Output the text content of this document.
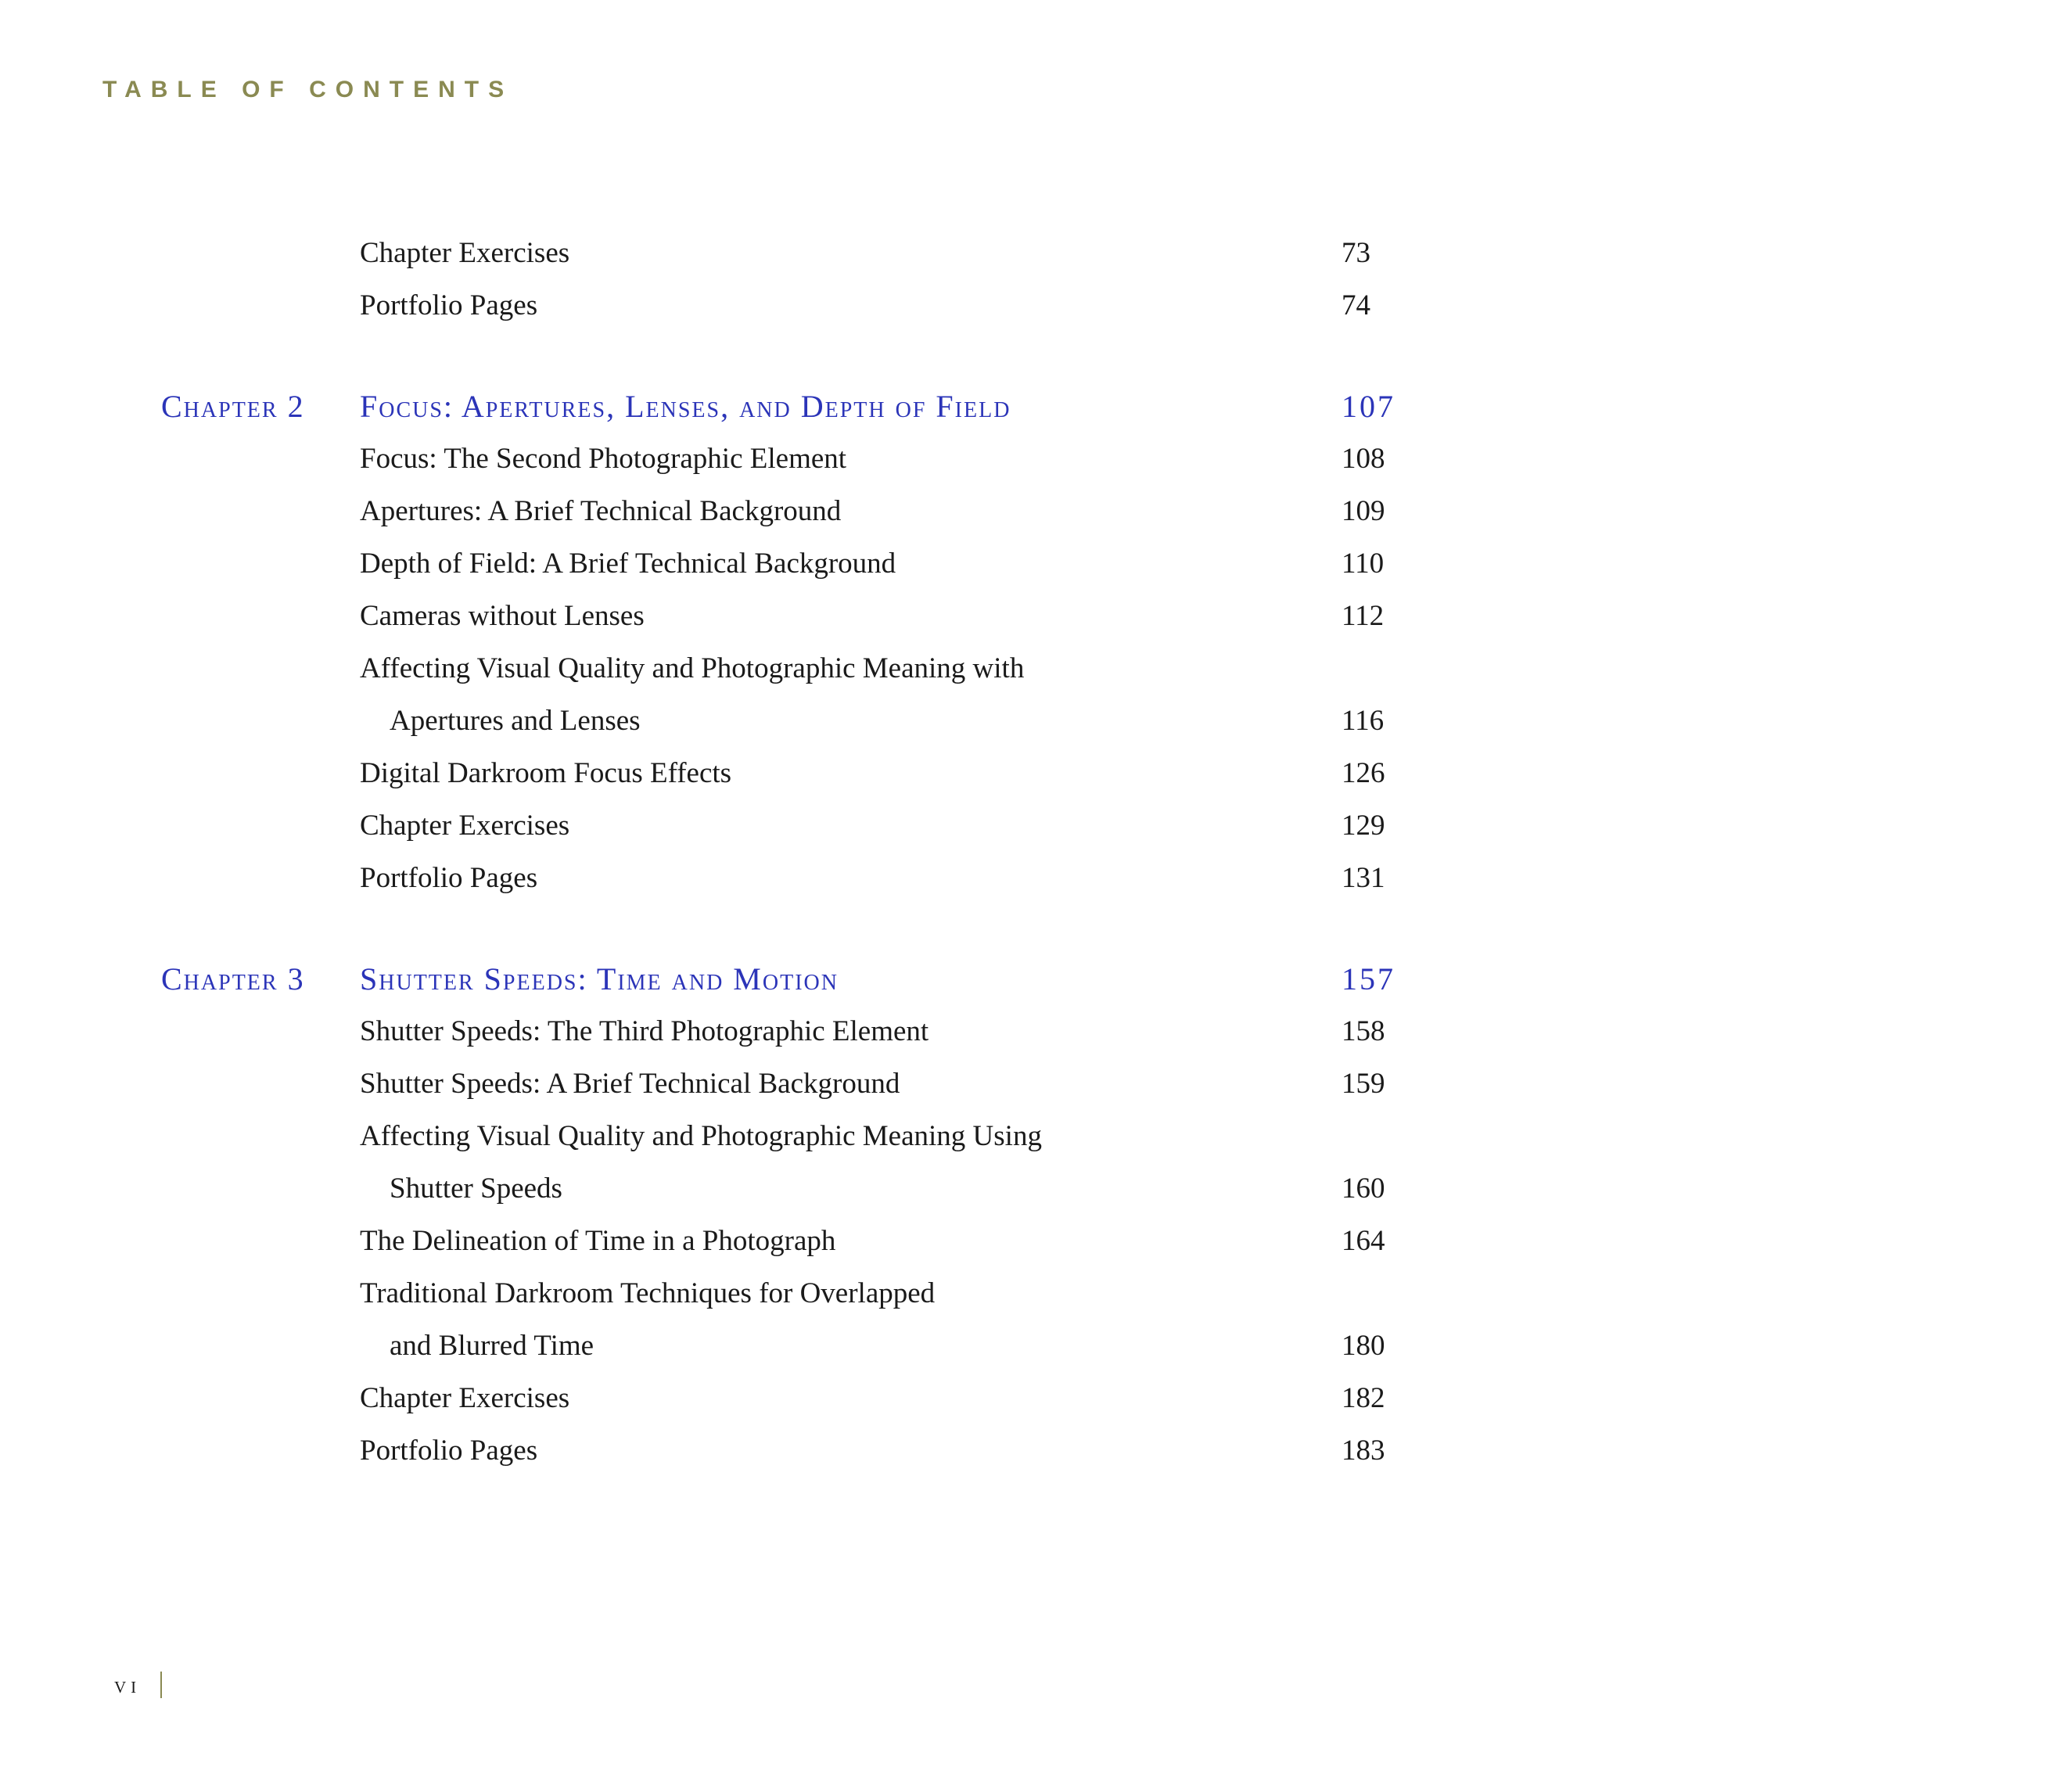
TABLE OF CONTENTS
Chapter Exercises	73
Portfolio Pages	74
Chapter 2 Focus: Apertures, Lenses, and Depth of Field	107
Focus: The Second Photographic Element	108
Apertures: A Brief Technical Background	109
Depth of Field: A Brief Technical Background	110
Cameras without Lenses	112
Affecting Visual Quality and Photographic Meaning with
Apertures and Lenses	116
Digital Darkroom Focus Effects	126
Chapter Exercises	129
Portfolio Pages	131
Chapter 3 Shutter Speeds: Time and Motion	157
Shutter Speeds: The Third Photographic Element	158
Shutter Speeds: A Brief Technical Background	159
Affecting Visual Quality and Photographic Meaning Using
Shutter Speeds	160
The Delineation of Time in a Photograph	164
Traditional Darkroom Techniques for Overlapped
and Blurred Time	180
Chapter Exercises	182
Portfolio Pages	183
vi
